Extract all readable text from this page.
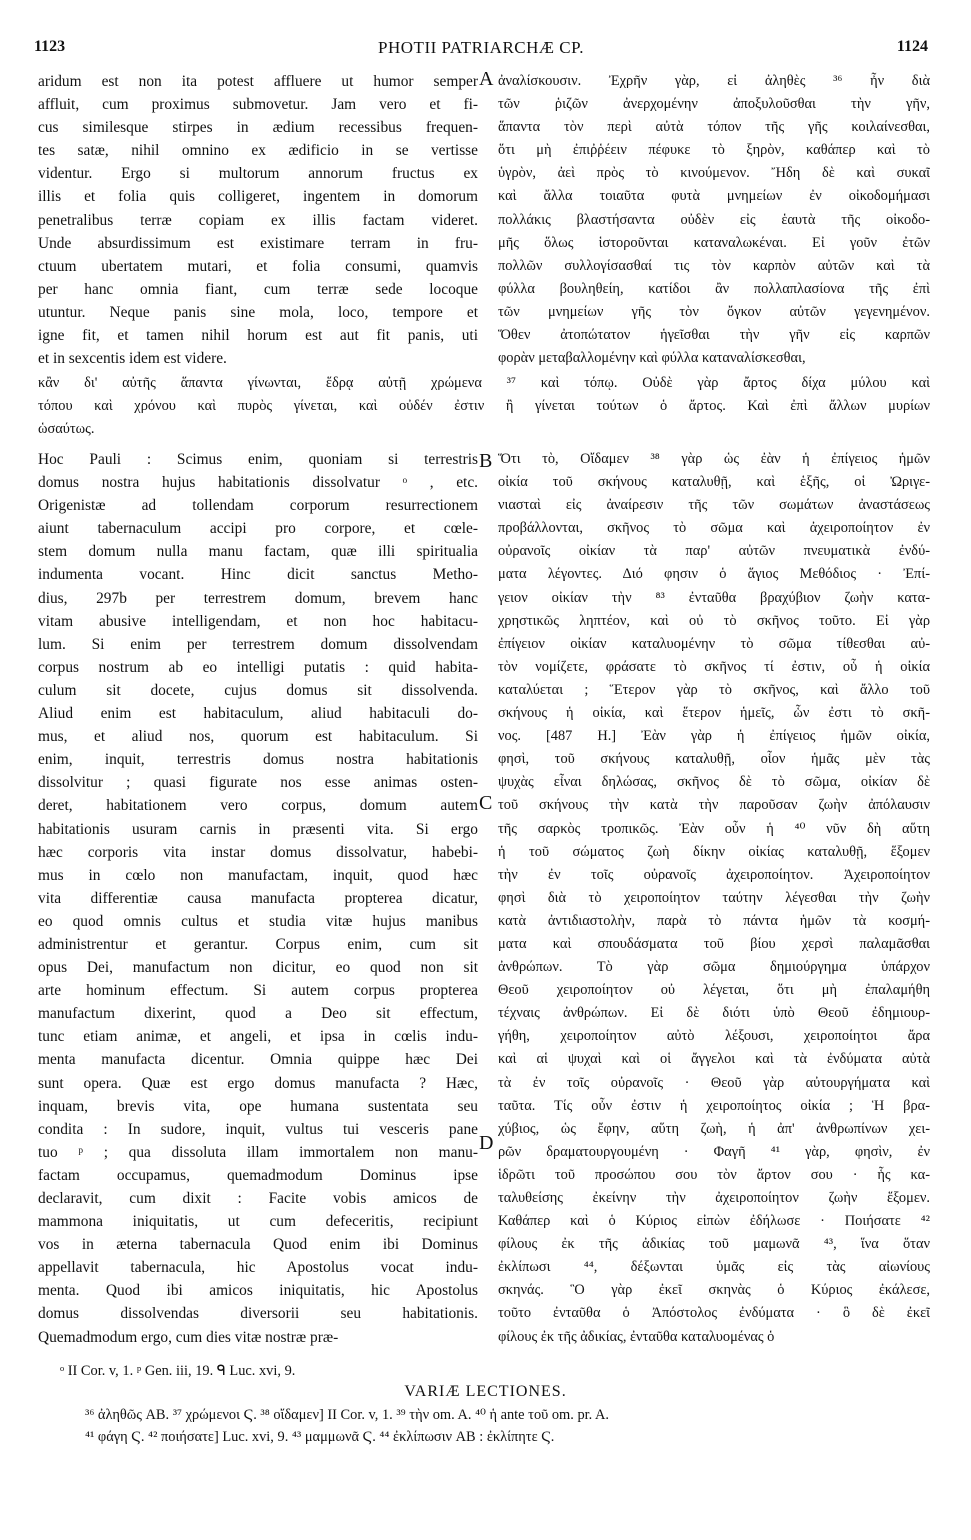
1123	PHOTII PATRIARCHÆ CP.	1124
A
B
C
D
aridum est non ita potest affluere ut humor semper
affluit, cum proximus submovetur. Jam vero et fi-
cus similesque stirpes in ædium recessibus frequen-
tes satæ, nihil omnino ex ædificio in se vertisse
videntur. Ergo si multorum annorum fructus ex
illis et folia quis colligeret, ingentem in domorum
penetralibus terræ copiam ex illis factam videret.
Unde absurdissimum est existimare terram in fru-
ctuum ubertatem mutari, et folia consumi, quamvis
per hanc omnia fiant, cum terræ sede locoque
utuntur. Neque panis sine mola, loco, tempore et
igne fit, et tamen nihil horum est aut fit panis, uti
et in sexcentis idem est videre.
ἀναλίσκουσιν. Ἐχρῆν γὰρ, εἰ ἀληθὲς ³⁶ ἦν διὰ
τῶν ῥιζῶν ἀνερχομένην ἀποξυλοῦσθαι τὴν γῆν,
ἅπαντα τὸν περὶ αὐτὰ τόπον τῆς γῆς κοιλαίνεσθαι,
ὅτι μὴ ἐπιῤῥέειν πέφυκε τὸ ξηρὸν, καθάπερ καὶ τὸ
ὑγρὸν, ἀεὶ πρὸς τὸ κινούμενον. Ἤδη δὲ καὶ συκαῖ
καὶ ἄλλα τοιαῦτα φυτὰ μνημείων ἐν οἰκοδομήμασι
πολλάκις βλαστήσαντα οὐδὲν εἰς ἑαυτὰ τῆς οἰκοδο-
μῆς ὅλως ἱστοροῦνται καταναλωκέναι. Εἰ γοῦν ἐτῶν
πολλῶν συλλογίσασθαί τις τὸν καρπὸν αὐτῶν καὶ τὰ
φύλλα βουληθείη, κατίδοι ἂν πολλαπλασίονα τῆς ἐπὶ
τῶν μνημείων γῆς τὸν ὄγκον αὐτῶν γεγενημένον.
Ὅθεν ἀτοπώτατον ἡγεῖσθαι τὴν γῆν εἰς καρπῶν
φορὰν μεταβαλλομένην καὶ φύλλα καταναλίσκεσθαι,
κἂν δι' αὐτῆς ἅπαντα γίνωνται, ἕδρᾳ αὐτῇ χρώμενα ³⁷ καὶ τόπῳ. Οὐδὲ γὰρ ἄρτος δίχα μύλου καὶ
τόπου καὶ χρόνου καὶ πυρὸς γίνεται, καὶ οὐδέν ἐστιν ἢ γίνεται τούτων ὁ ἄρτος. Καὶ ἐπὶ ἄλλων μυρίων
ὡσαύτως.
Hoc Pauli : Scimus enim, quoniam si terrestris
domus nostra hujus habitationis dissolvatur ᵒ , etc.
Origenistæ ad tollendam corporum resurrectionem
aiunt tabernaculum accipi pro corpore, et cœle-
stem domum nulla manu factam, quæ illi spiritualia
indumenta vocant. Hinc dicit sanctus Metho-
dius, 297b per terrestrem domum, brevem hanc
vitam abusive intelligendam, et non hoc habitacu-
lum. Si enim per terrestrem domum dissolvendam
corpus nostrum ab eo intelligi putatis : quid habita-
culum sit docete, cujus domus sit dissolvenda.
Aliud enim est habitaculum, aliud habitaculi do-
mus, et aliud nos, quorum est habitaculum. Si
enim, inquit, terrestris domus nostra habitationis
dissolvitur ; quasi figurate nos esse animas osten-
deret, habitationem vero corpus, domum autem
habitationis usuram carnis in præsenti vita. Si ergo
hæc corporis vita instar domus dissolvatur, habebi-
mus in cœlo non manufactam, inquit, quod hæc
vita differentiæ causa manufacta propterea dicatur,
eo quod omnis cultus et studia vitæ hujus manibus
administrentur et gerantur. Corpus enim, cum sit
opus Dei, manufactum non dicitur, eo quod non sit
arte hominum effectum. Si autem corpus propterea
manufactum dixerint, quod a Deo sit effectum,
tunc etiam animæ, et angeli, et ipsa in cœlis indu-
menta manufacta dicentur. Omnia quippe hæc Dei
sunt opera. Quæ est ergo domus manufacta ? Hæc,
inquam, brevis vita, ope humana sustentata seu
condita : In sudore, inquit, vultus tui vesceris pane
tuo ᵖ ; qua dissoluta illam immortalem non manu-
factam occupamus, quemadmodum Dominus ipse
declaravit, cum dixit : Facite vobis amicos de
mammona iniquitatis, ut cum defeceritis, recipiunt
vos in æterna tabernacula Quod enim ibi Dominus
appellavit tabernacula, hic Apostolus vocat indu-
menta. Quod ibi amicos iniquitatis, hic Apostolus
domus dissolvendas diversorii seu habitationis.
Quemadmodum ergo, cum dies vitæ nostræ præ-
Ὅτι τὸ, Οἴδαμεν ³⁸ γὰρ ὡς ἐὰν ἡ ἐπίγειος ἡμῶν
οἰκία τοῦ σκήνους καταλυθῇ, καὶ ἑξῆς, οἱ Ὠριγε-
νιασταὶ εἰς ἀναίρεσιν τῆς τῶν σωμάτων ἀναστάσεως
προβάλλονται, σκῆνος τὸ σῶμα καὶ ἀχειροποίητον ἐν
οὐρανοῖς οἰκίαν τὰ παρ' αὐτῶν πνευματικὰ ἐνδύ-
ματα λέγοντες. Διό φησιν ὁ ἅγιος Μεθόδιος · Ἐπί-
γειον οἰκίαν τὴν ⁸³ ἐνταῦθα βραχύβιον ζωὴν κατα-
χρηστικῶς ληπτέον, καὶ οὐ τὸ σκῆνος τοῦτο. Εἰ γὰρ
ἐπίγειον οἰκίαν καταλυομένην τὸ σῶμα τίθεσθαι αὐ-
τὸν νομίζετε, φράσατε τὸ σκῆνος τί ἐστιν, οὗ ἡ οἰκία
καταλύεται ; Ἕτερον γὰρ τὸ σκῆνος, καὶ ἄλλο τοῦ
σκήνους ἡ οἰκία, καὶ ἕτερον ἡμεῖς, ὧν ἐστι τὸ σκῆ-
νος. [487 H.] Ἐὰν γὰρ ἡ ἐπίγειος ἡμῶν οἰκία,
φησὶ, τοῦ σκήνους καταλυθῇ, οἷον ἡμᾶς μὲν τὰς
ψυχὰς εἶναι δηλώσας, σκῆνος δὲ τὸ σῶμα, οἰκίαν δὲ
τοῦ σκήνους τὴν κατὰ τὴν παροῦσαν ζωὴν ἀπόλαυσιν
τῆς σαρκὸς τροπικῶς. Ἐὰν οὖν ἡ ⁴⁰ νῦν δὴ αὕτη
ἡ τοῦ σώματος ζωὴ δίκην οἰκίας καταλυθῇ, ἕξομεν
τὴν ἐν τοῖς οὐρανοῖς ἀχειροποίητον. Ἀχειροποίητον
φησὶ διὰ τὸ χειροποίητον ταύτην λέγεσθαι τὴν ζωὴν
κατὰ ἀντιδιαστολὴν, παρὰ τὸ πάντα ἡμῶν τὰ κοσμή-
ματα καὶ σπουδάσματα τοῦ βίου χερσὶ παλαμᾶσθαι
ἀνθρώπων. Τὸ γὰρ σῶμα δημιούργημα ὑπάρχον
Θεοῦ χειροποίητον οὐ λέγεται, ὅτι μὴ ἐπαλαμήθη
τέχναις ἀνθρώπων. Εἰ δὲ διότι ὑπὸ Θεοῦ ἐδημιουρ-
γήθη, χειροποίητον αὐτὸ λέξουσι, χειροποίητοι ἄρα
καὶ αἱ ψυχαὶ καὶ οἱ ἄγγελοι καὶ τὰ ἐνδύματα αὐτὰ
τὰ ἐν τοῖς οὐρανοῖς · Θεοῦ γὰρ αὐτουργήματα καὶ
ταῦτα. Τίς οὖν ἐστιν ἡ χειροποίητος οἰκία ; Ἡ βρα-
χύβιος, ὡς ἔφην, αὕτη ζωὴ, ἡ ἀπ' ἀνθρωπίνων χει-
ρῶν δραματουργουμένη · Φαγῆ ⁴¹ γὰρ, φησὶν, ἐν
ἱδρῶτι τοῦ προσώπου σου τὸν ἄρτον σου · ἧς κα-
ταλυθείσης ἐκείνην τὴν ἀχειροποίητον ζωὴν ἕξομεν.
Καθάπερ καὶ ὁ Κύριος εἰπὼν ἐδήλωσε · Ποιήσατε ⁴²
φίλους ἐκ τῆς ἀδικίας τοῦ μαμωνᾶ ⁴³, ἵνα ὅταν
ἐκλίπωσι ⁴⁴, δέξωνται ὑμᾶς εἰς τὰς αἰωνίους
σκηνάς. Ὃ γὰρ ἐκεῖ σκηνὰς ὁ Κύριος ἐκάλεσε,
τοῦτο ἐνταῦθα ὁ Ἀπόστολος ἐνδύματα · ὃ δὲ ἐκεῖ
φίλους ἐκ τῆς ἀδικίας, ἐνταῦθα καταλυομένας ὁ
ᵒ II Cor. v, 1. ᵖ Gen. iii, 19. ᑫ Luc. xvi, 9.
VARIÆ LECTIONES.
³⁶ ἀληθῶς AB. ³⁷ χρώμενοι Ϛ. ³⁸ οἴδαμεν] II Cor. v, 1. ³⁹ τὴν om. A. ⁴⁰ ἡ ante τοῦ om. pr. A.
⁴¹ φάγη Ϛ. ⁴² ποιήσατε] Luc. xvi, 9. ⁴³ μαμμωνᾶ Ϛ. ⁴⁴ ἐκλίπωσιν AB : ἐκλίπητε Ϛ.
